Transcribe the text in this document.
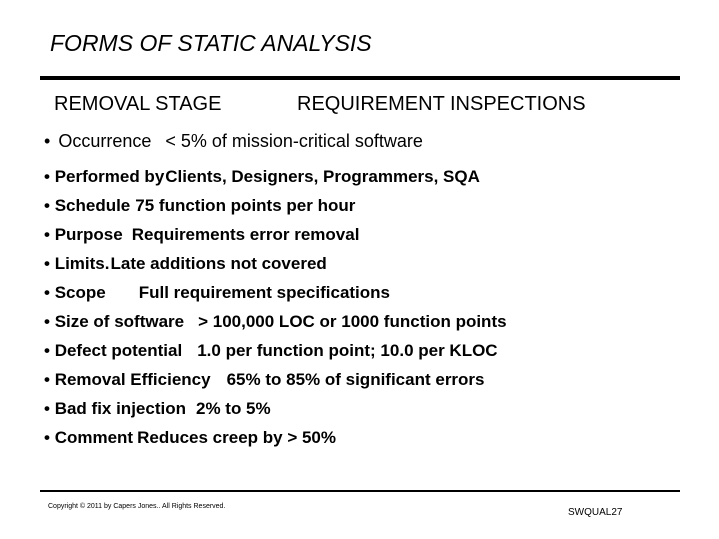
FORMS OF STATIC ANALYSIS
REMOVAL STAGE	REQUIREMENT INSPECTIONS
• Occurrence < 5% of mission-critical software
• Performed byClients, Designers, Programmers, SQA
• Schedule 75 function points per hour
• Purpose Requirements error removal
• Limits.Late additions not covered
• Scope Full requirement specifications
• Size of software > 100,000 LOC or 1000 function points
• Defect potential 1.0 per function point; 10.0 per KLOC
• Removal Efficiency 65% to 85% of significant errors
• Bad fix injection 2% to 5%
• Comment Reduces creep by > 50%
Copyright © 2011 by Capers Jones.. All Rights Reserved.
SWQUAL27
